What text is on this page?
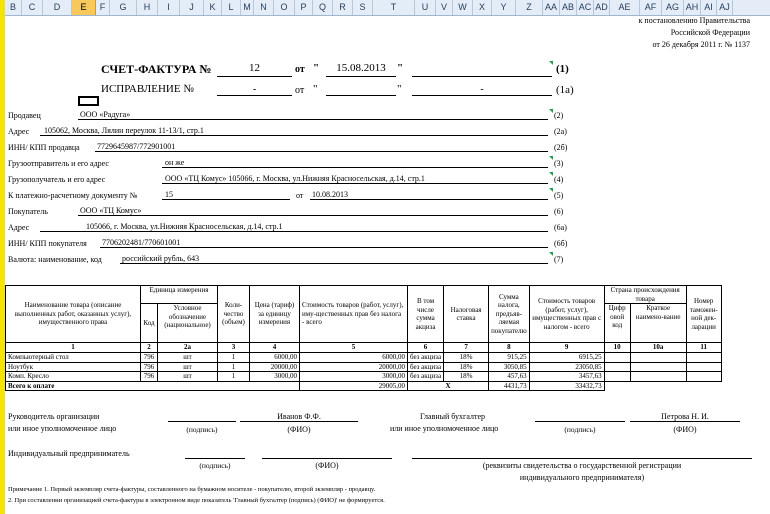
B	C	D	E	F	G	H	I	J	K	L	M	N	O	P	Q	R	S	T	U	V	W	X	Y	Z	AA AB AC AD	AE	AF	AG AH AI AJ
к постановлению Правительства
Российской Федерации
от 26 декабря 2011 г. № 1137
СЧЕТ-ФАКТУРА №	12	от "	15.08.2013	"	(1)
ИСПРАВЛЕНИЕ №	-	от "	"	-	(1а)
Продавец	ООО «Радуга»	(2)
Адрес 105062, Москва, Лялин переулок 11-13/1, стр.1	(2а)
ИНН/ КПП продавца 7729645987/772901001	(2б)
Грузоотправитель и его адрес	он же	(3)
Грузополучатель и его адрес	ООО «ТЦ Комус» 105066, г. Москва, ул.Нижняя Красносельская, д.14, стр.1	(4)
К платежно-расчетному документу №	15	от 10.08.2013	(5)
Покупатель	ООО «ТЦ Комус»	(6)
Адрес	105066, г. Москва, ул.Нижняя Красносельская, д.14, стр.1	(6а)
ИНН/ КПП покупателя 7706202481/770601001	(6б)
Валюта: наименование, код	российский рубль, 643	(7)
Наименование товара (описание выполненных работ, оказанных услуг), имущественного права	Единица измерения		Коли-чество (объем)	Цена (тариф) за единицу измерения	Стоимость товаров (работ, услуг), иму-щественных прав без налога - всего	В том числе сумма акциза	Налоговая ставка	Сумма налога, предъяв-ляемая покупателю	Стоимость товаров (работ, услуг), имущественных прав с налогом - всего	Страна происхождения товара		Номер таможен-ной дек-ларации
	Код	Условное обозначение (национальное)								Цифр овой код	Краткое наимено-вание	
1	2	2а	3	4	5	6	7	8	9	10	10а	11
Компьютерный стол	796	шт	1	6000,00	6000,00	без акциза	18%	915,25	6915,25			
Ноутбук	796	шт	1	20000,00	20000,00	без акциза	18%	3050,85	23050,85			
Комп. Кресло	796	шт	1	3000,00	3000,00	без акциза	18%	457,63	3457,63			
Всего к оплате					29005,00	X		4431,73	33432,73			
Руководитель организации
или иное уполномоченное лицо	(подпись)
Иванов Ф.Ф.
(ФИО)
Главный бухгалтер
или иное уполномоченное лицо	(подпись)
Петрова Н. И.
(ФИО)
Индивидуальный предприниматель
(подпись)	(ФИО)	(реквизиты свидетельства о государственной регистрации
индивидуального предпринимателя)
Примечание 1. Первый экземпляр счета-фактуры, составленного на бумажном носителе - покупателю, второй экземпляр - продавцу.
2. При составлении организацией счета-фактуры в электронном виде показатель 'Главный бухгалтер (подпись) (ФИО)' не формируется.
